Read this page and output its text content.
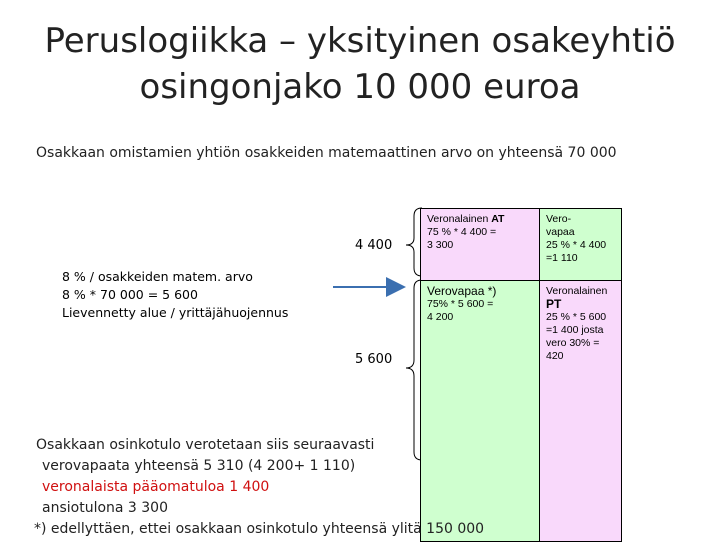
Peruslogiikka – yksityinen osakeyhtiö
osingonjako 10 000 euroa
Osakkaan omistamien yhtiön osakkeiden matemaattinen arvo on yhteensä 70 000
4 400
5 600
8 % / osakkeiden matem. arvo
8 % * 70 000 = 5 600
Lievennetty alue / yrittäjähuojennus
Veronalainen AT
75 % * 4 400 =
3 300
Vero-
vapaa
25 % * 4 400
=1 110
Verovapaa *)
75% * 5 600 =
4 200
Veronalainen
PT
25 % * 5 600
=1 400 josta
vero 30% =
420
Osakkaan osinkotulo verotetaan siis seuraavasti
verovapaata yhteensä 5 310 (4 200+ 1 110)
veronalaista pääomatuloa 1 400
ansiotulona 3 300
*) edellyttäen, ettei osakkaan osinkotulo yhteensä ylitä 150 000
